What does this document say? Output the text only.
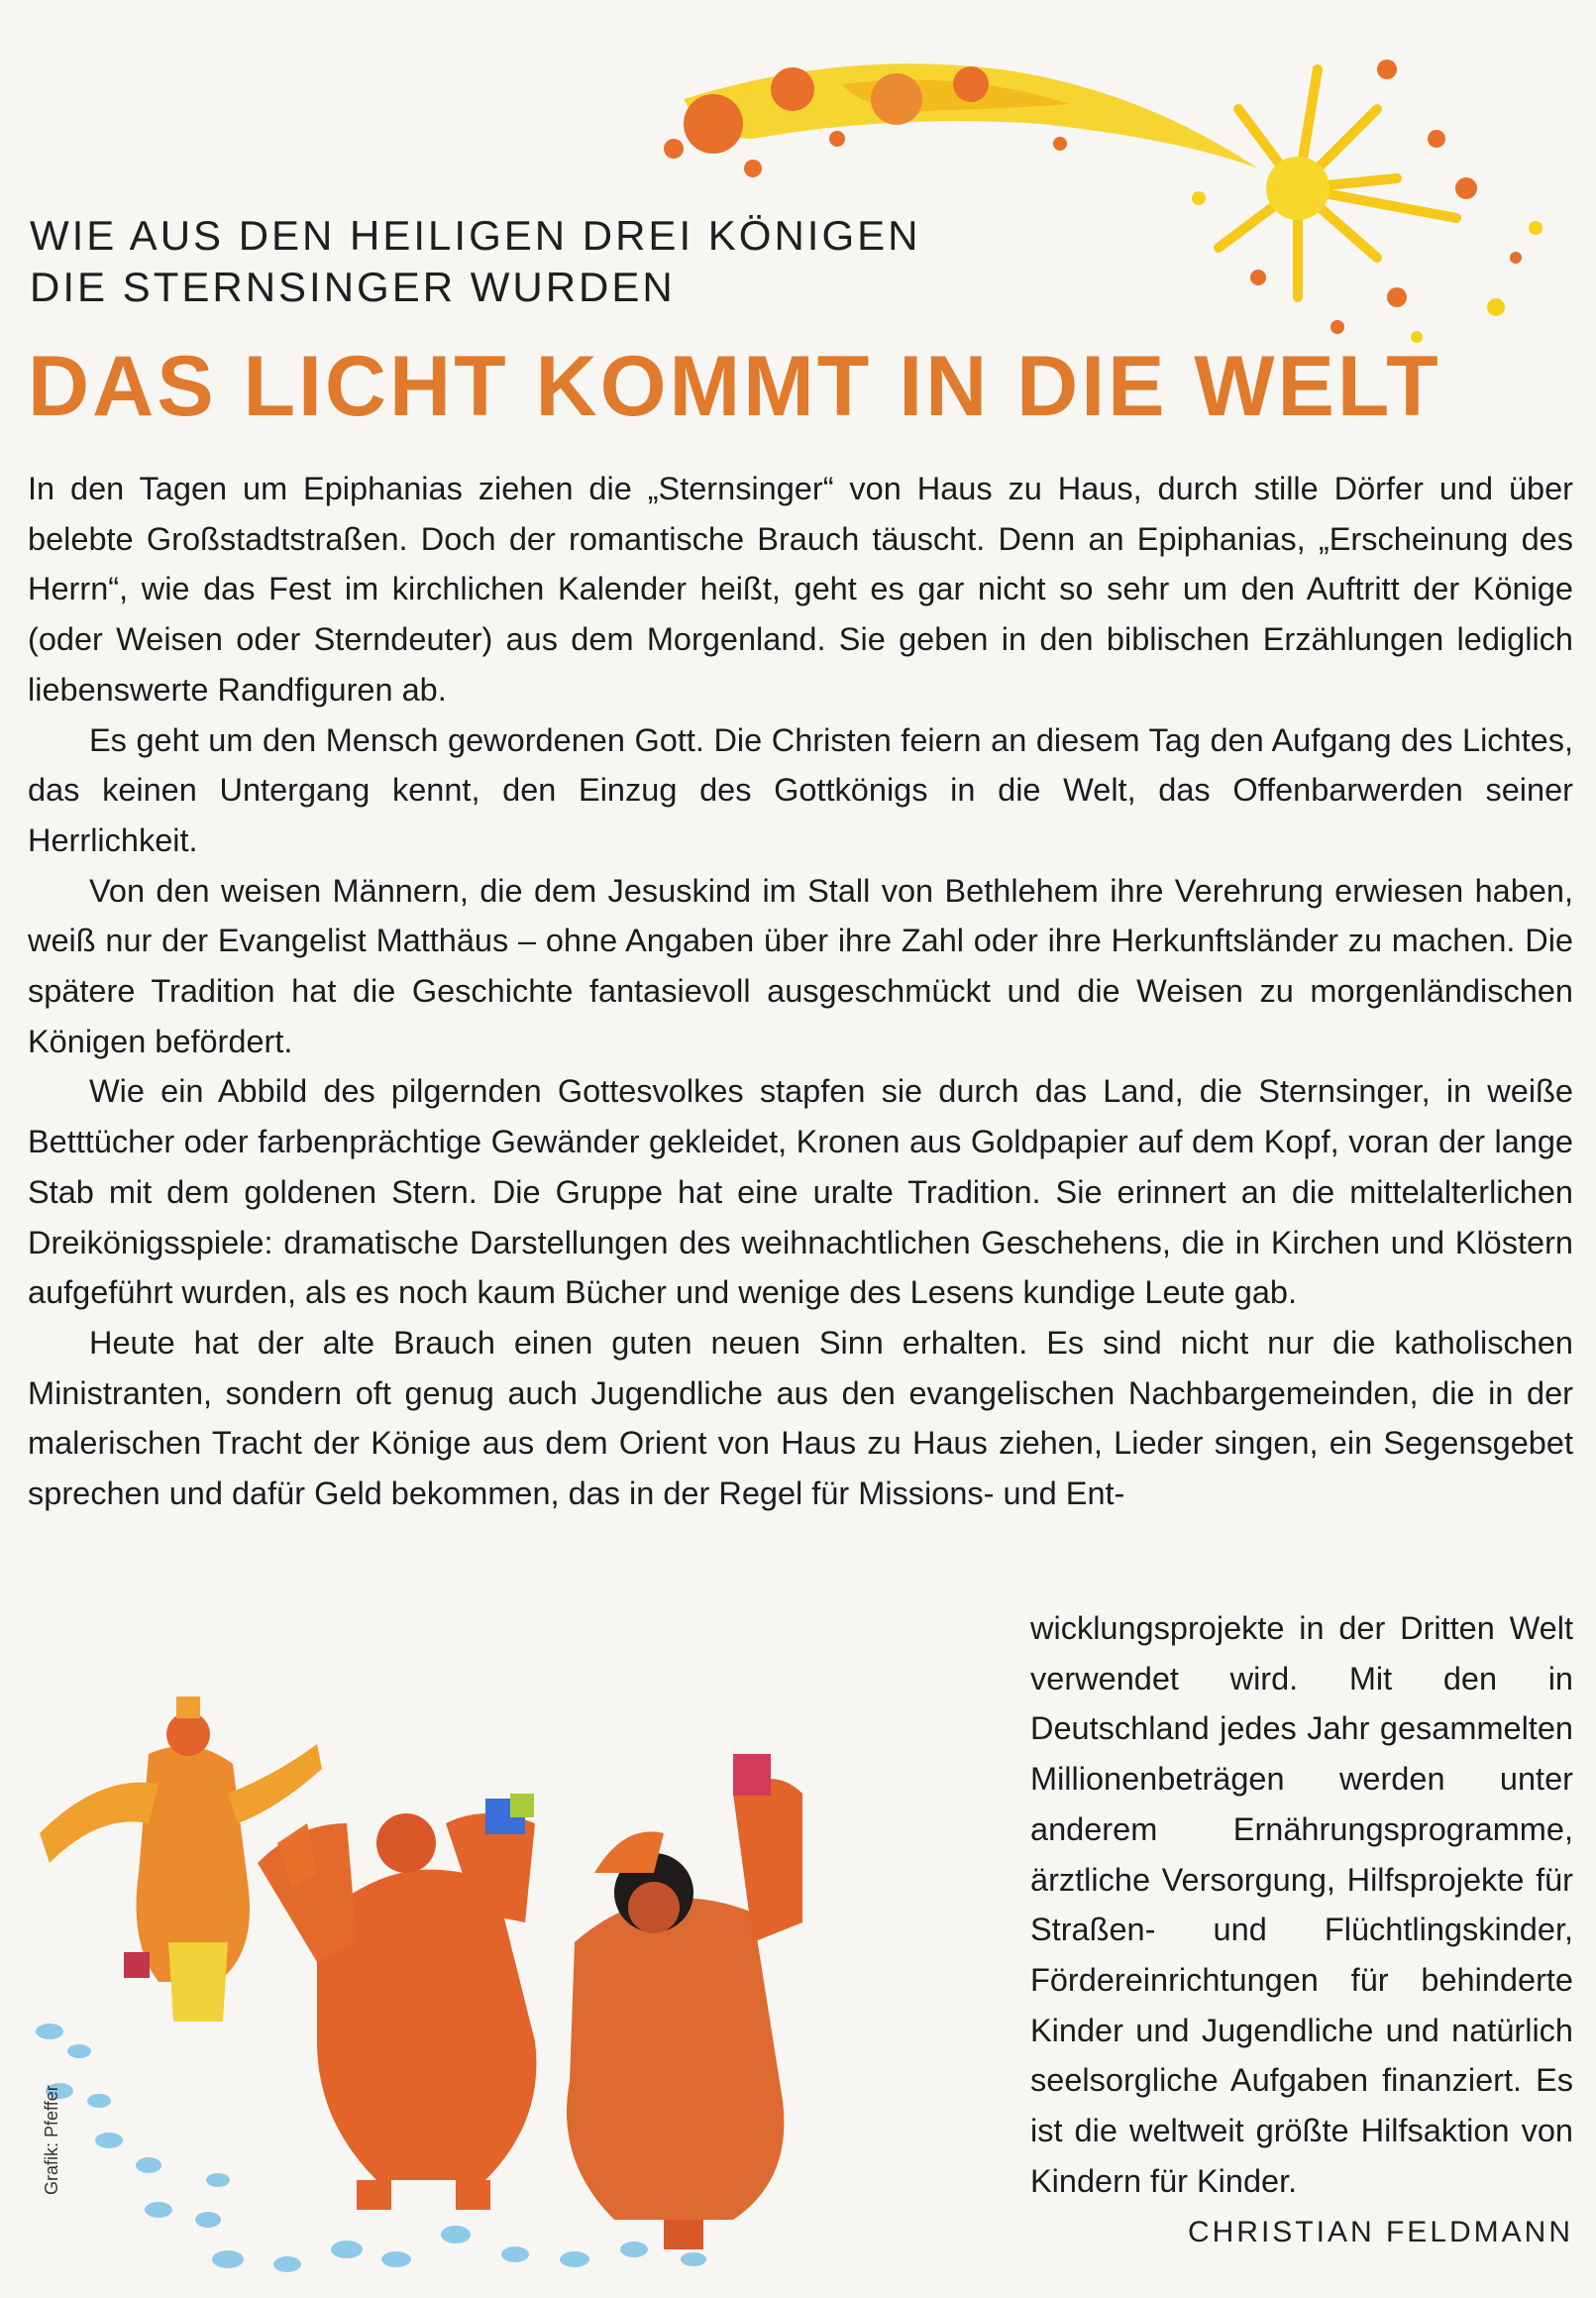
WIE AUS DEN HEILIGEN DREI KÖNIGEN
DIE STERNSINGER WURDEN
DAS LICHT KOMMT IN DIE WELT

In den Tagen um Epiphanias ziehen die „Sternsinger“ von Haus zu Haus, durch stille Dörfer und über belebte Großstadtstraßen. Doch der romantische Brauch täuscht. Denn an Epiphanias, „Erscheinung des Herrn“, wie das Fest im kirchlichen Kalender heißt, geht es gar nicht so sehr um den Auftritt der Könige (oder Weisen oder Sterndeuter) aus dem Morgenland. Sie geben in den biblischen Erzählungen lediglich liebenswerte Randfiguren ab.

Es geht um den Mensch gewordenen Gott. Die Christen feiern an diesem Tag den Aufgang des Lichtes, das keinen Untergang kennt, den Einzug des Gottkönigs in die Welt, das Offenbarwerden seiner Herrlichkeit.

Von den weisen Männern, die dem Jesuskind im Stall von Bethlehem ihre Verehrung erwiesen haben, weiß nur der Evangelist Matthäus – ohne Angaben über ihre Zahl oder ihre Herkunftsländer zu machen. Die spätere Tradition hat die Geschichte fantasievoll ausgeschmückt und die Weisen zu morgenländischen Königen befördert.

Wie ein Abbild des pilgernden Gottesvolkes stapfen sie durch das Land, die Sternsinger, in weiße Betttücher oder farbenprächtige Gewänder gekleidet, Kronen aus Goldpapier auf dem Kopf, voran der lange Stab mit dem goldenen Stern. Die Gruppe hat eine uralte Tradition. Sie erinnert an die mittelalterlichen Dreikönigsspiele: dramatische Darstellungen des weihnachtlichen Geschehens, die in Kirchen und Klöstern aufgeführt wurden, als es noch kaum Bücher und wenige des Lesens kundige Leute gab.

Heute hat der alte Brauch einen guten neuen Sinn erhalten. Es sind nicht nur die katholischen Ministranten, sondern oft genug auch Jugendliche aus den evangelischen Nachbargemeinden, die in der malerischen Tracht der Könige aus dem Orient von Haus zu Haus ziehen, Lieder singen, ein Segensgebet sprechen und dafür Geld bekommen, das in der Regel für Missions- und Ent-

wicklungsprojekte in der Dritten Welt verwendet wird. Mit den in Deutschland jedes Jahr gesammelten Millionenbeträgen werden unter anderem Ernährungsprogramme, ärztliche Versorgung, Hilfsprojekte für Straßen- und Flüchtlingskinder, Fördereinrichtungen für behinderte Kinder und Jugendliche und natürlich seelsorgliche Aufgaben finanziert. Es ist die weltweit größte Hilfsaktion von Kindern für Kinder.

CHRISTIAN FELDMANN
Grafik: Pfeffer
